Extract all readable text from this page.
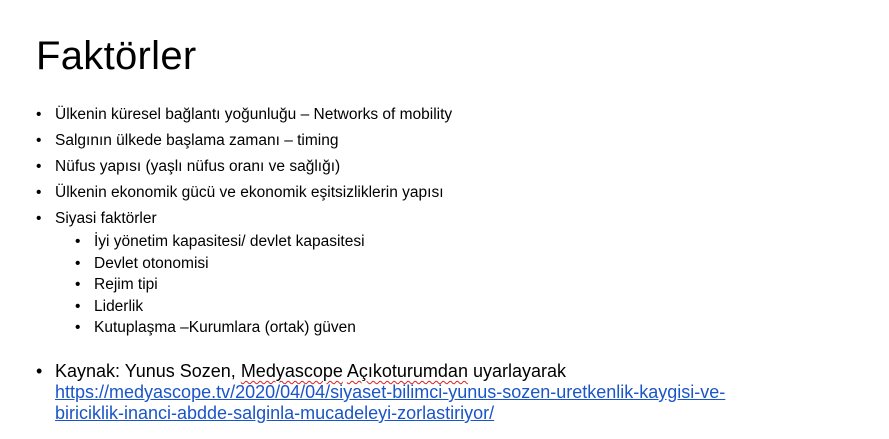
Faktörler
• Ülkenin küresel bağlantı yoğunluğu – Networks of mobility
• Salgının ülkede başlama zamanı – timing
• Nüfus yapısı (yaşlı nüfus oranı ve sağlığı)
• Ülkenin ekonomik gücü ve ekonomik eşitsizliklerin yapısı
• Siyasi faktörler
• İyi yönetim kapasitesi/ devlet kapasitesi
• Devlet otonomisi
• Rejim tipi
• Liderlik
• Kutuplaşma –Kurumlara (ortak) güven
• Kaynak: Yunus Sozen, Medyascope Açıkoturumdan uyarlayarak
https://medyascope.tv/2020/04/04/siyaset-bilimci-yunus-sozen-uretkenlik-kaygisi-ve-
biriciklik-inanci-abdde-salginla-mucadeleyi-zorlastiriyor/
